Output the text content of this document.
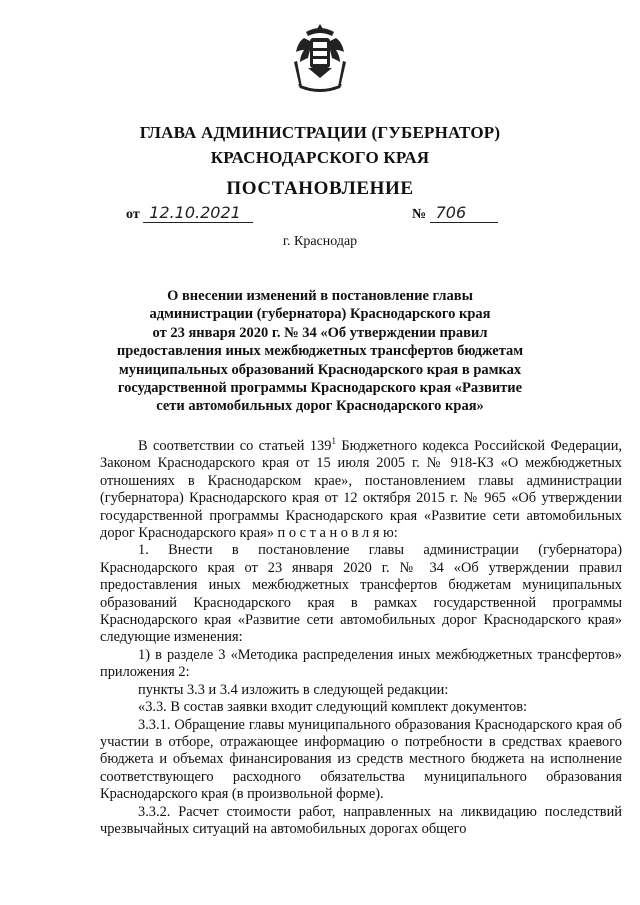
ГЛАВА АДМИНИСТРАЦИИ (ГУБЕРНАТОР)
КРАСНОДАРСКОГО КРАЯ
ПОСТАНОВЛЕНИЕ
от 12.10.2021	№ 706
г. Краснодар
О внесении изменений в постановление главы
администрации (губернатора) Краснодарского края
от 23 января 2020 г. № 34 «Об утверждении правил
предоставления иных межбюджетных трансфертов бюджетам
муниципальных образований Краснодарского края в рамках
государственной программы Краснодарского края «Развитие
сети автомобильных дорог Краснодарского края»

В соответствии со статьей $139^1$ Бюджетного кодекса Российской Федерации, Законом Краснодарского края от 15 июля 2005 г. № 918-КЗ «О межбюджетных отношениях в Краснодарском крае», постановлением главы администрации (губернатора) Краснодарского края от 12 октября 2015 г. № 965 «Об утверждении государственной программы Краснодарского края «Развитие сети автомобильных дорог Краснодарского края» п о с т а н о в л я ю:

1. Внести в постановление главы администрации (губернатора) Краснодарского края от 23 января 2020 г. № 34 «Об утверждении правил предоставления иных межбюджетных трансфертов бюджетам муниципальных образований Краснодарского края в рамках государственной программы Краснодарского края «Развитие сети автомобильных дорог Краснодарского края» следующие изменения:

1) в разделе 3 «Методика распределения иных межбюджетных трансфертов» приложения 2:

пункты 3.3 и 3.4 изложить в следующей редакции:

«3.3. В состав заявки входит следующий комплект документов:

3.3.1. Обращение главы муниципального образования Краснодарского края об участии в отборе, отражающее информацию о потребности в средствах краевого бюджета и объемах финансирования из средств местного бюджета на исполнение соответствующего расходного обязательства муниципального образования Краснодарского края (в произвольной форме).

3.3.2. Расчет стоимости работ, направленных на ликвидацию последствий чрезвычайных ситуаций на автомобильных дорогах общего
